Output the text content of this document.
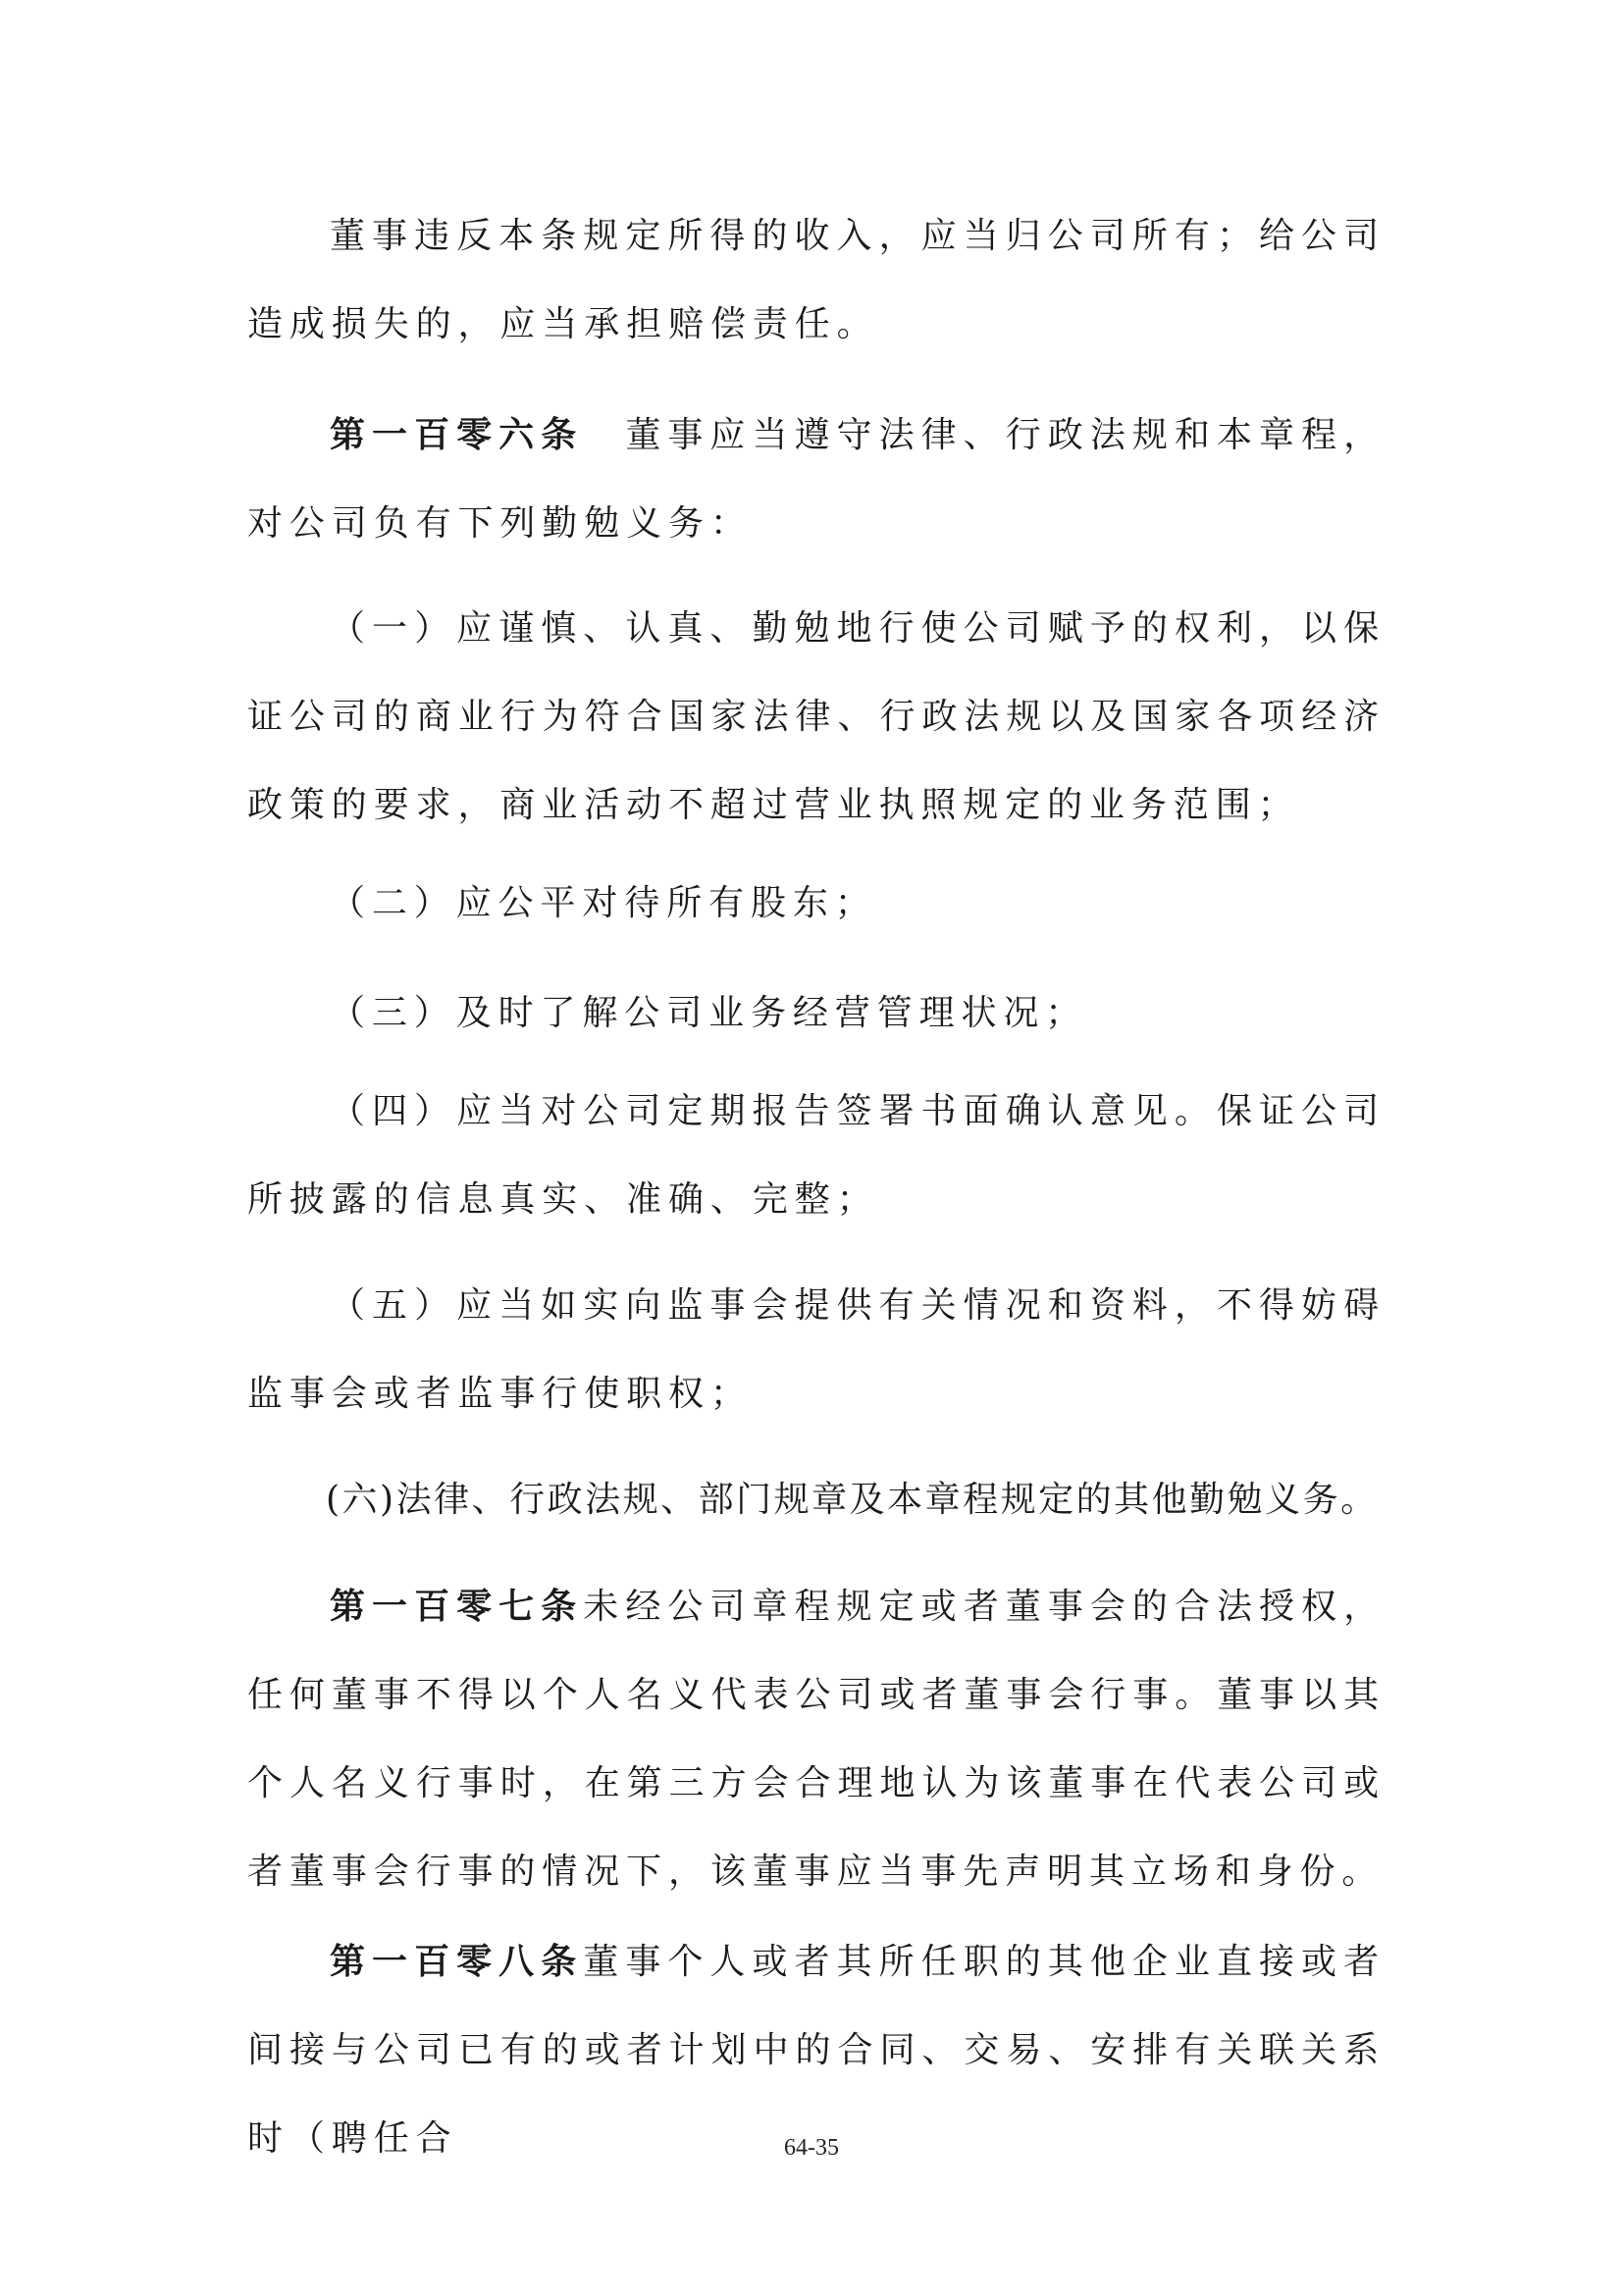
董事违反本条规定所得的收入，应当归公司所有；给公司造成损失的，应当承担赔偿责任。

第一百零六条　董事应当遵守法律、行政法规和本章程，对公司负有下列勤勉义务：

（一）应谨慎、认真、勤勉地行使公司赋予的权利，以保证公司的商业行为符合国家法律、行政法规以及国家各项经济政策的要求，商业活动不超过营业执照规定的业务范围；

（二）应公平对待所有股东；

（三）及时了解公司业务经营管理状况；

（四）应当对公司定期报告签署书面确认意见。保证公司所披露的信息真实、准确、完整；

（五）应当如实向监事会提供有关情况和资料，不得妨碍监事会或者监事行使职权；

(六)法律、行政法规、部门规章及本章程规定的其他勤勉义务。

第一百零七条未经公司章程规定或者董事会的合法授权，任何董事不得以个人名义代表公司或者董事会行事。董事以其个人名义行事时，在第三方会合理地认为该董事在代表公司或者董事会行事的情况下，该董事应当事先声明其立场和身份。

第一百零八条董事个人或者其所任职的其他企业直接或者间接与公司已有的或者计划中的合同、交易、安排有关联关系时（聘任合	64-35
